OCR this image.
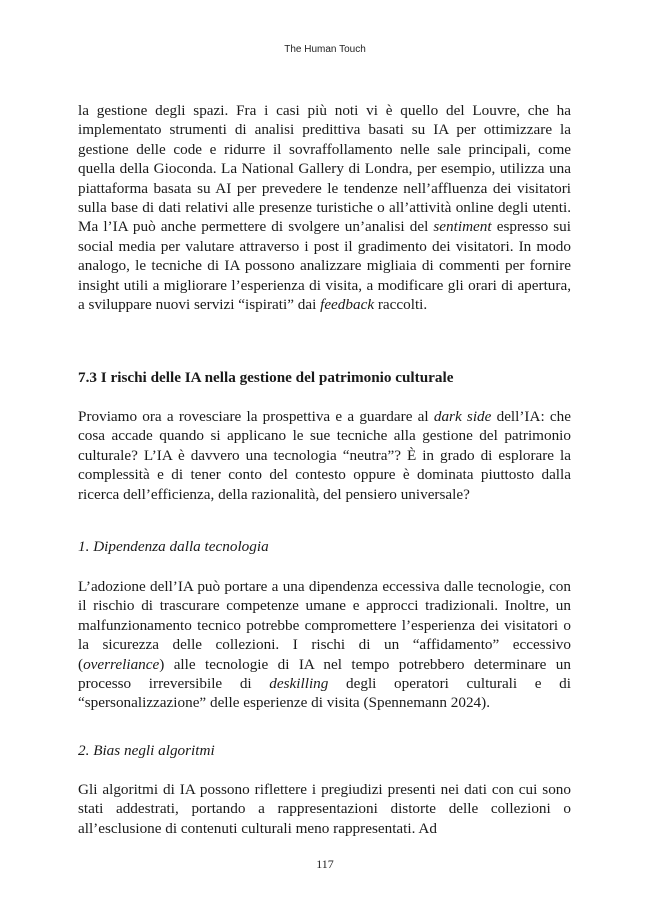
The Human Touch

la gestione degli spazi. Fra i casi più noti vi è quello del Louvre, che ha implementato strumenti di analisi predittiva basati su IA per ottimizzare la gestione delle code e ridurre il sovraffollamento nelle sale principali, come quella della Gioconda. La National Gallery di Londra, per esempio, utilizza una piattaforma basata su AI per prevedere le tendenze nell’affluenza dei visitatori sulla base di dati relativi alle presenze turistiche o all’attività online degli utenti. Ma l’IA può anche permettere di svolgere un’analisi del sentiment espresso sui social media per valutare attraverso i post il gradimento dei visitatori. In modo analogo, le tecniche di IA possono analizzare migliaia di commenti per fornire insight utili a migliorare l’esperienza di visita, a modificare gli orari di apertura, a sviluppare nuovi servizi “ispirati” dai feedback raccolti.

7.3 I rischi delle IA nella gestione del patrimonio culturale

Proviamo ora a rovesciare la prospettiva e a guardare al dark side dell’IA: che cosa accade quando si applicano le sue tecniche alla gestione del patrimonio culturale? L’IA è davvero una tecnologia “neutra”? È in grado di esplorare la complessità e di tener conto del contesto oppure è dominata piuttosto dalla ricerca dell’efficienza, della razionalità, del pensiero universale?

1. Dipendenza dalla tecnologia

L’adozione dell’IA può portare a una dipendenza eccessiva dalle tecnologie, con il rischio di trascurare competenze umane e approcci tradizionali. Inoltre, un malfunzionamento tecnico potrebbe compromettere l’esperienza dei visitatori o la sicurezza delle collezioni. I rischi di un “affidamento” eccessivo (overreliance) alle tecnologie di IA nel tempo potrebbero determinare un processo irreversibile di deskilling degli operatori culturali e di “spersonalizzazione” delle esperienze di visita (Spennemann 2024).

2. Bias negli algoritmi

Gli algoritmi di IA possono riflettere i pregiudizi presenti nei dati con cui sono stati addestrati, portando a rappresentazioni distorte delle collezioni o all’esclusione di contenuti culturali meno rappresentati. Ad

117
